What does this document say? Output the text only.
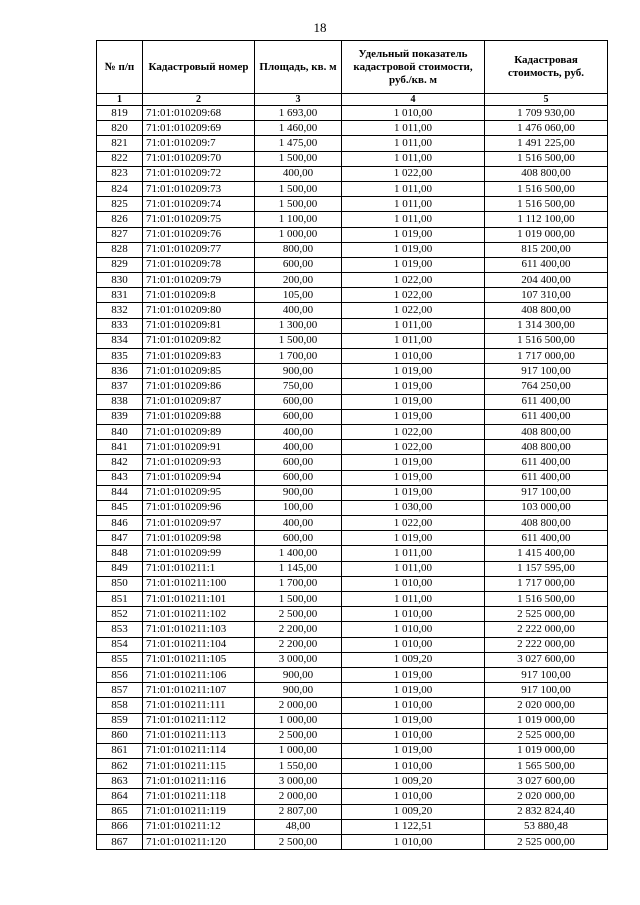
18
№ п/п	Кадастровый номер	Площадь, кв. м	Удельный показатель кадастровой стоимости, руб./кв. м	Кадастровая стоимость, руб.
1	2	3	4	5
819	71:01:010209:68	1 693,00	1 010,00	1 709 930,00
820	71:01:010209:69	1 460,00	1 011,00	1 476 060,00
821	71:01:010209:7	1 475,00	1 011,00	1 491 225,00
822	71:01:010209:70	1 500,00	1 011,00	1 516 500,00
823	71:01:010209:72	400,00	1 022,00	408 800,00
824	71:01:010209:73	1 500,00	1 011,00	1 516 500,00
825	71:01:010209:74	1 500,00	1 011,00	1 516 500,00
826	71:01:010209:75	1 100,00	1 011,00	1 112 100,00
827	71:01:010209:76	1 000,00	1 019,00	1 019 000,00
828	71:01:010209:77	800,00	1 019,00	815 200,00
829	71:01:010209:78	600,00	1 019,00	611 400,00
830	71:01:010209:79	200,00	1 022,00	204 400,00
831	71:01:010209:8	105,00	1 022,00	107 310,00
832	71:01:010209:80	400,00	1 022,00	408 800,00
833	71:01:010209:81	1 300,00	1 011,00	1 314 300,00
834	71:01:010209:82	1 500,00	1 011,00	1 516 500,00
835	71:01:010209:83	1 700,00	1 010,00	1 717 000,00
836	71:01:010209:85	900,00	1 019,00	917 100,00
837	71:01:010209:86	750,00	1 019,00	764 250,00
838	71:01:010209:87	600,00	1 019,00	611 400,00
839	71:01:010209:88	600,00	1 019,00	611 400,00
840	71:01:010209:89	400,00	1 022,00	408 800,00
841	71:01:010209:91	400,00	1 022,00	408 800,00
842	71:01:010209:93	600,00	1 019,00	611 400,00
843	71:01:010209:94	600,00	1 019,00	611 400,00
844	71:01:010209:95	900,00	1 019,00	917 100,00
845	71:01:010209:96	100,00	1 030,00	103 000,00
846	71:01:010209:97	400,00	1 022,00	408 800,00
847	71:01:010209:98	600,00	1 019,00	611 400,00
848	71:01:010209:99	1 400,00	1 011,00	1 415 400,00
849	71:01:010211:1	1 145,00	1 011,00	1 157 595,00
850	71:01:010211:100	1 700,00	1 010,00	1 717 000,00
851	71:01:010211:101	1 500,00	1 011,00	1 516 500,00
852	71:01:010211:102	2 500,00	1 010,00	2 525 000,00
853	71:01:010211:103	2 200,00	1 010,00	2 222 000,00
854	71:01:010211:104	2 200,00	1 010,00	2 222 000,00
855	71:01:010211:105	3 000,00	1 009,20	3 027 600,00
856	71:01:010211:106	900,00	1 019,00	917 100,00
857	71:01:010211:107	900,00	1 019,00	917 100,00
858	71:01:010211:111	2 000,00	1 010,00	2 020 000,00
859	71:01:010211:112	1 000,00	1 019,00	1 019 000,00
860	71:01:010211:113	2 500,00	1 010,00	2 525 000,00
861	71:01:010211:114	1 000,00	1 019,00	1 019 000,00
862	71:01:010211:115	1 550,00	1 010,00	1 565 500,00
863	71:01:010211:116	3 000,00	1 009,20	3 027 600,00
864	71:01:010211:118	2 000,00	1 010,00	2 020 000,00
865	71:01:010211:119	2 807,00	1 009,20	2 832 824,40
866	71:01:010211:12	48,00	1 122,51	53 880,48
867	71:01:010211:120	2 500,00	1 010,00	2 525 000,00
